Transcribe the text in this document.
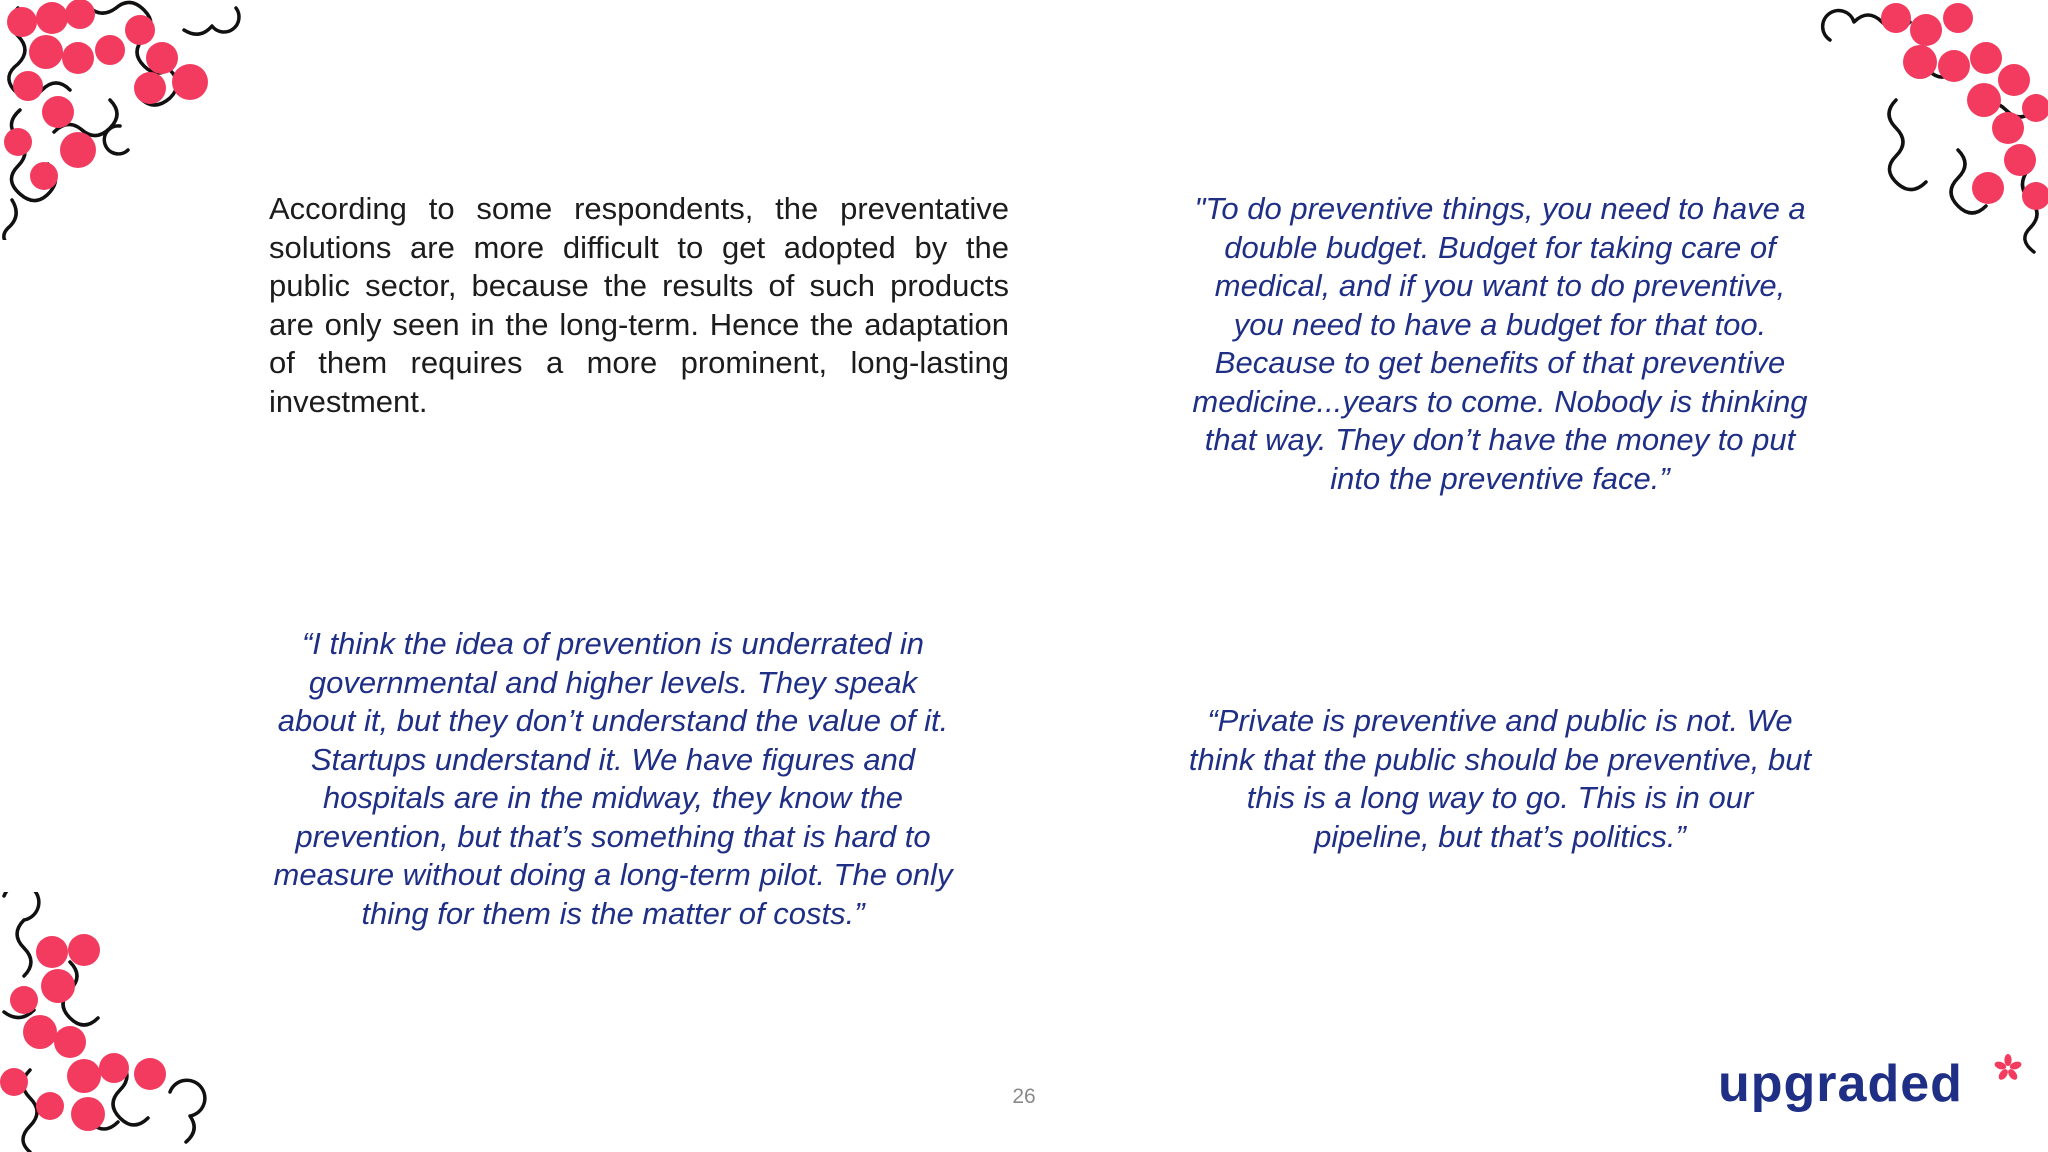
According to some respondents, the preventative solutions are more difficult to get adopted by the public sector, because the results of such products are only seen in the long-term. Hence the adaptation of them requires a more prominent, long-lasting investment.

"To do preventive things, you need to have a double budget. Budget for taking care of medical, and if you want to do preventive, you need to have a budget for that too. Because to get benefits of that preventive medicine...years to come. Nobody is thinking that way. They don’t have the money to put into the preventive face.”

“I think the idea of prevention is underrated in governmental and higher levels. They speak about it, but they don’t understand the value of it. Startups understand it. We have figures and hospitals are in the midway, they know the prevention, but that’s something that is hard to measure without doing a long-term pilot. The only thing for them is the matter of costs.”

“Private is preventive and public is not. We think that the public should be preventive, but this is a long way to go. This is in our pipeline, but that’s politics.”

26	upgraded
